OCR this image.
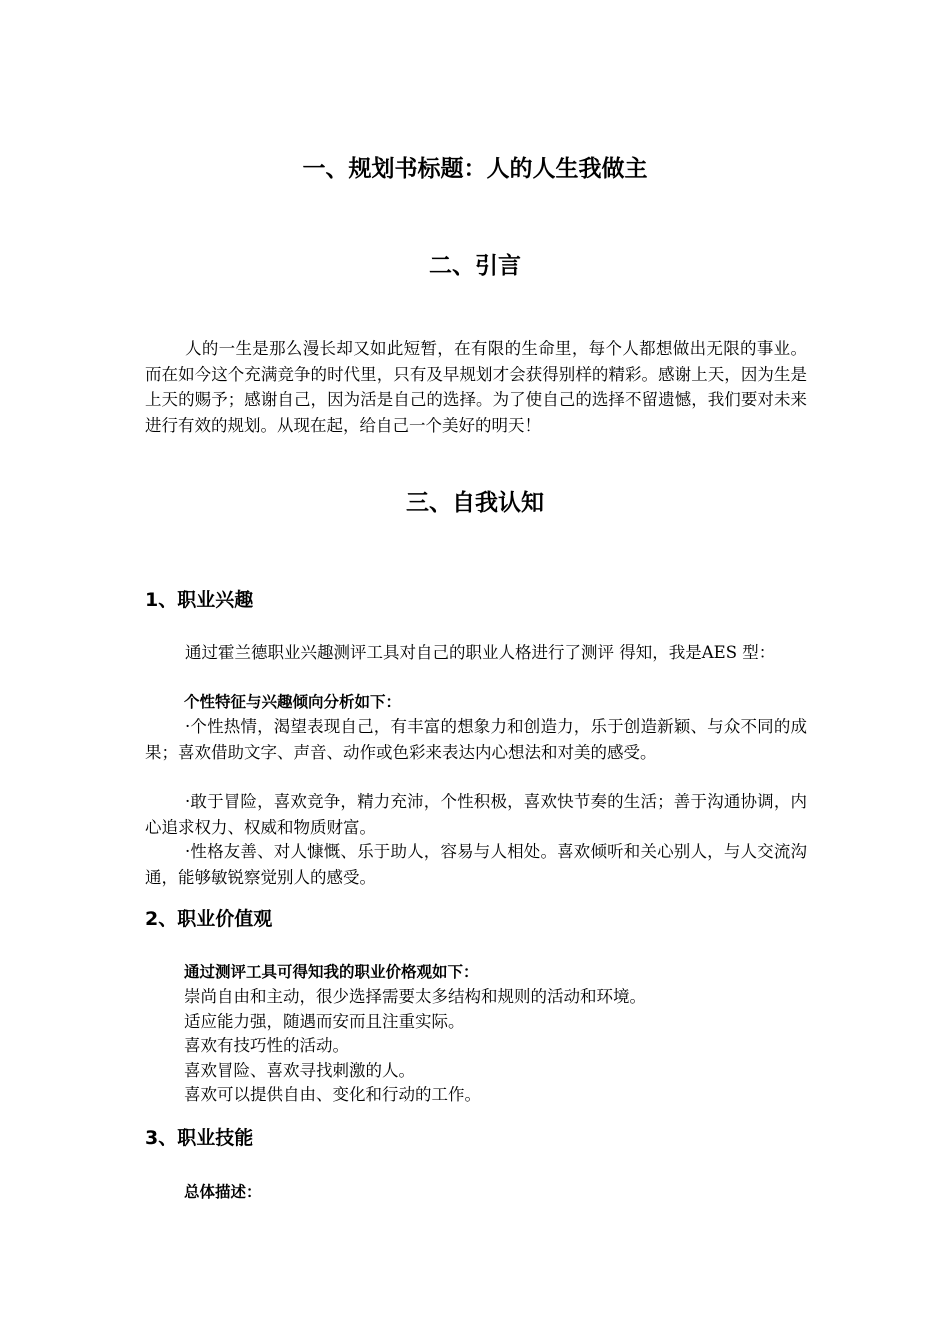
一、规划书标题：人的人生我做主
二、引言

人的一生是那么漫长却又如此短暂，在有限的生命里，每个人都想做出无限的事业。而在如今这个充满竞争的时代里，只有及早规划才会获得别样的精彩。感谢上天，因为生是上天的赐予；感谢自己，因为活是自己的选择。为了使自己的选择不留遗憾，我们要对未来进行有效的规划。从现在起，给自己一个美好的明天！

三、自我认知
1、职业兴趣

通过霍兰德职业兴趣测评工具对自己的职业人格进行了测评 得知，我是AES 型：

个性特征与兴趣倾向分析如下：

·个性热情，渴望表现自己，有丰富的想象力和创造力，乐于创造新颖、与众不同的成果；喜欢借助文字、声音、动作或色彩来表达内心想法和对美的感受。

·敢于冒险，喜欢竞争，精力充沛，个性积极，喜欢快节奏的生活；善于沟通协调，内心追求权力、权威和物质财富。

·性格友善、对人慷慨、乐于助人，容易与人相处。喜欢倾听和关心别人，与人交流沟通，能够敏锐察觉别人的感受。

2、职业价值观
通过测评工具可得知我的职业价格观如下：
崇尚自由和主动，很少选择需要太多结构和规则的活动和环境。
适应能力强，随遇而安而且注重实际。
喜欢有技巧性的活动。
喜欢冒险、喜欢寻找刺激的人。
喜欢可以提供自由、变化和行动的工作。
3、职业技能
总体描述：
